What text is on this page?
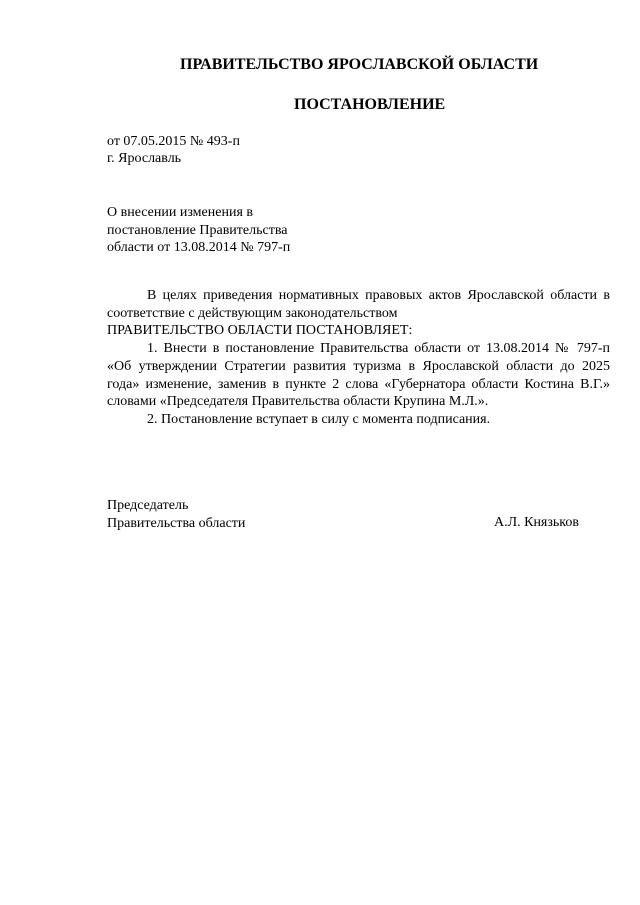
ПРАВИТЕЛЬСТВО ЯРОСЛАВСКОЙ ОБЛАСТИ
ПОСТАНОВЛЕНИЕ
от 07.05.2015 № 493-п
г. Ярославль
О внесении изменения в
постановление Правительства
области от 13.08.2014 № 797-п

В целях приведения нормативных правовых актов Ярославской области в соответствие с действующим законодательством

ПРАВИТЕЛЬСТВО ОБЛАСТИ ПОСТАНОВЛЯЕТ:

1. Внести в постановление Правительства области от 13.08.2014 № 797-п «Об утверждении Стратегии развития туризма в Ярославской области до 2025 года» изменение, заменив в пункте 2 слова «Губернатора области Костина В.Г.» словами «Председателя Правительства области Крупина М.Л.».

2. Постановление вступает в силу с момента подписания.

Председатель
Правительства области	А.Л. Князьков
